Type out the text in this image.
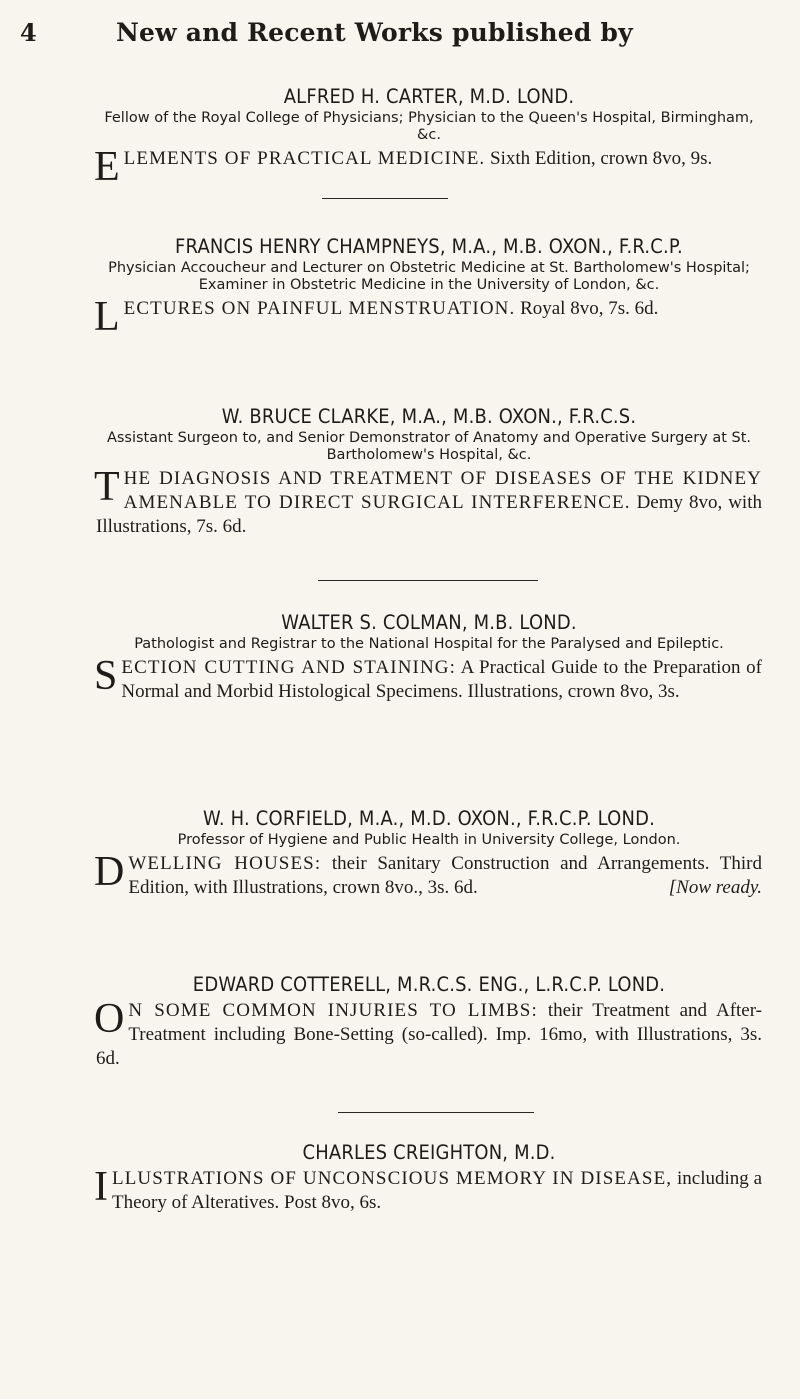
4	New and Recent Works published by
ALFRED H. CARTER, M.D. LOND.
Fellow of the Royal College of Physicians; Physician to the Queen's Hospital, Birmingham, &c.
E LEMENTS OF PRACTICAL MEDICINE. Sixth Edition, crown 8vo, 9s.
FRANCIS HENRY CHAMPNEYS, M.A., M.B. OXON., F.R.C.P.
Physician Accoucheur and Lecturer on Obstetric Medicine at St. Bartholomew's Hospital; Examiner in Obstetric Medicine in the University of London, &c.
L ECTURES ON PAINFUL MENSTRUATION. Royal 8vo, 7s. 6d.
W. BRUCE CLARKE, M.A., M.B. OXON., F.R.C.S.
Assistant Surgeon to, and Senior Demonstrator of Anatomy and Operative Surgery at St. Bartholomew's Hospital, &c.
T HE DIAGNOSIS AND TREATMENT OF DISEASES OF THE KIDNEY AMENABLE TO DIRECT SURGICAL INTERFERENCE. Demy 8vo, with Illustrations, 7s. 6d.
WALTER S. COLMAN, M.B. LOND.
Pathologist and Registrar to the National Hospital for the Paralysed and Epileptic.
S ECTION CUTTING AND STAINING: A Practical Guide to the Preparation of Normal and Morbid Histological Specimens. Illustrations, crown 8vo, 3s.
W. H. CORFIELD, M.A., M.D. OXON., F.R.C.P. LOND.
Professor of Hygiene and Public Health in University College, London.
D WELLING HOUSES: their Sanitary Construction and Arrangements. Third Edition, with Illustrations, crown 8vo., 3s. 6d.	[Now ready.
EDWARD COTTERELL, M.R.C.S. ENG., L.R.C.P. LOND.
O N SOME COMMON INJURIES TO LIMBS: their Treatment and After-Treatment including Bone-Setting (so-called). Imp. 16mo, with Illustrations, 3s. 6d.
CHARLES CREIGHTON, M.D.
I LLUSTRATIONS OF UNCONSCIOUS MEMORY IN DISEASE, including a Theory of Alteratives. Post 8vo, 6s.
